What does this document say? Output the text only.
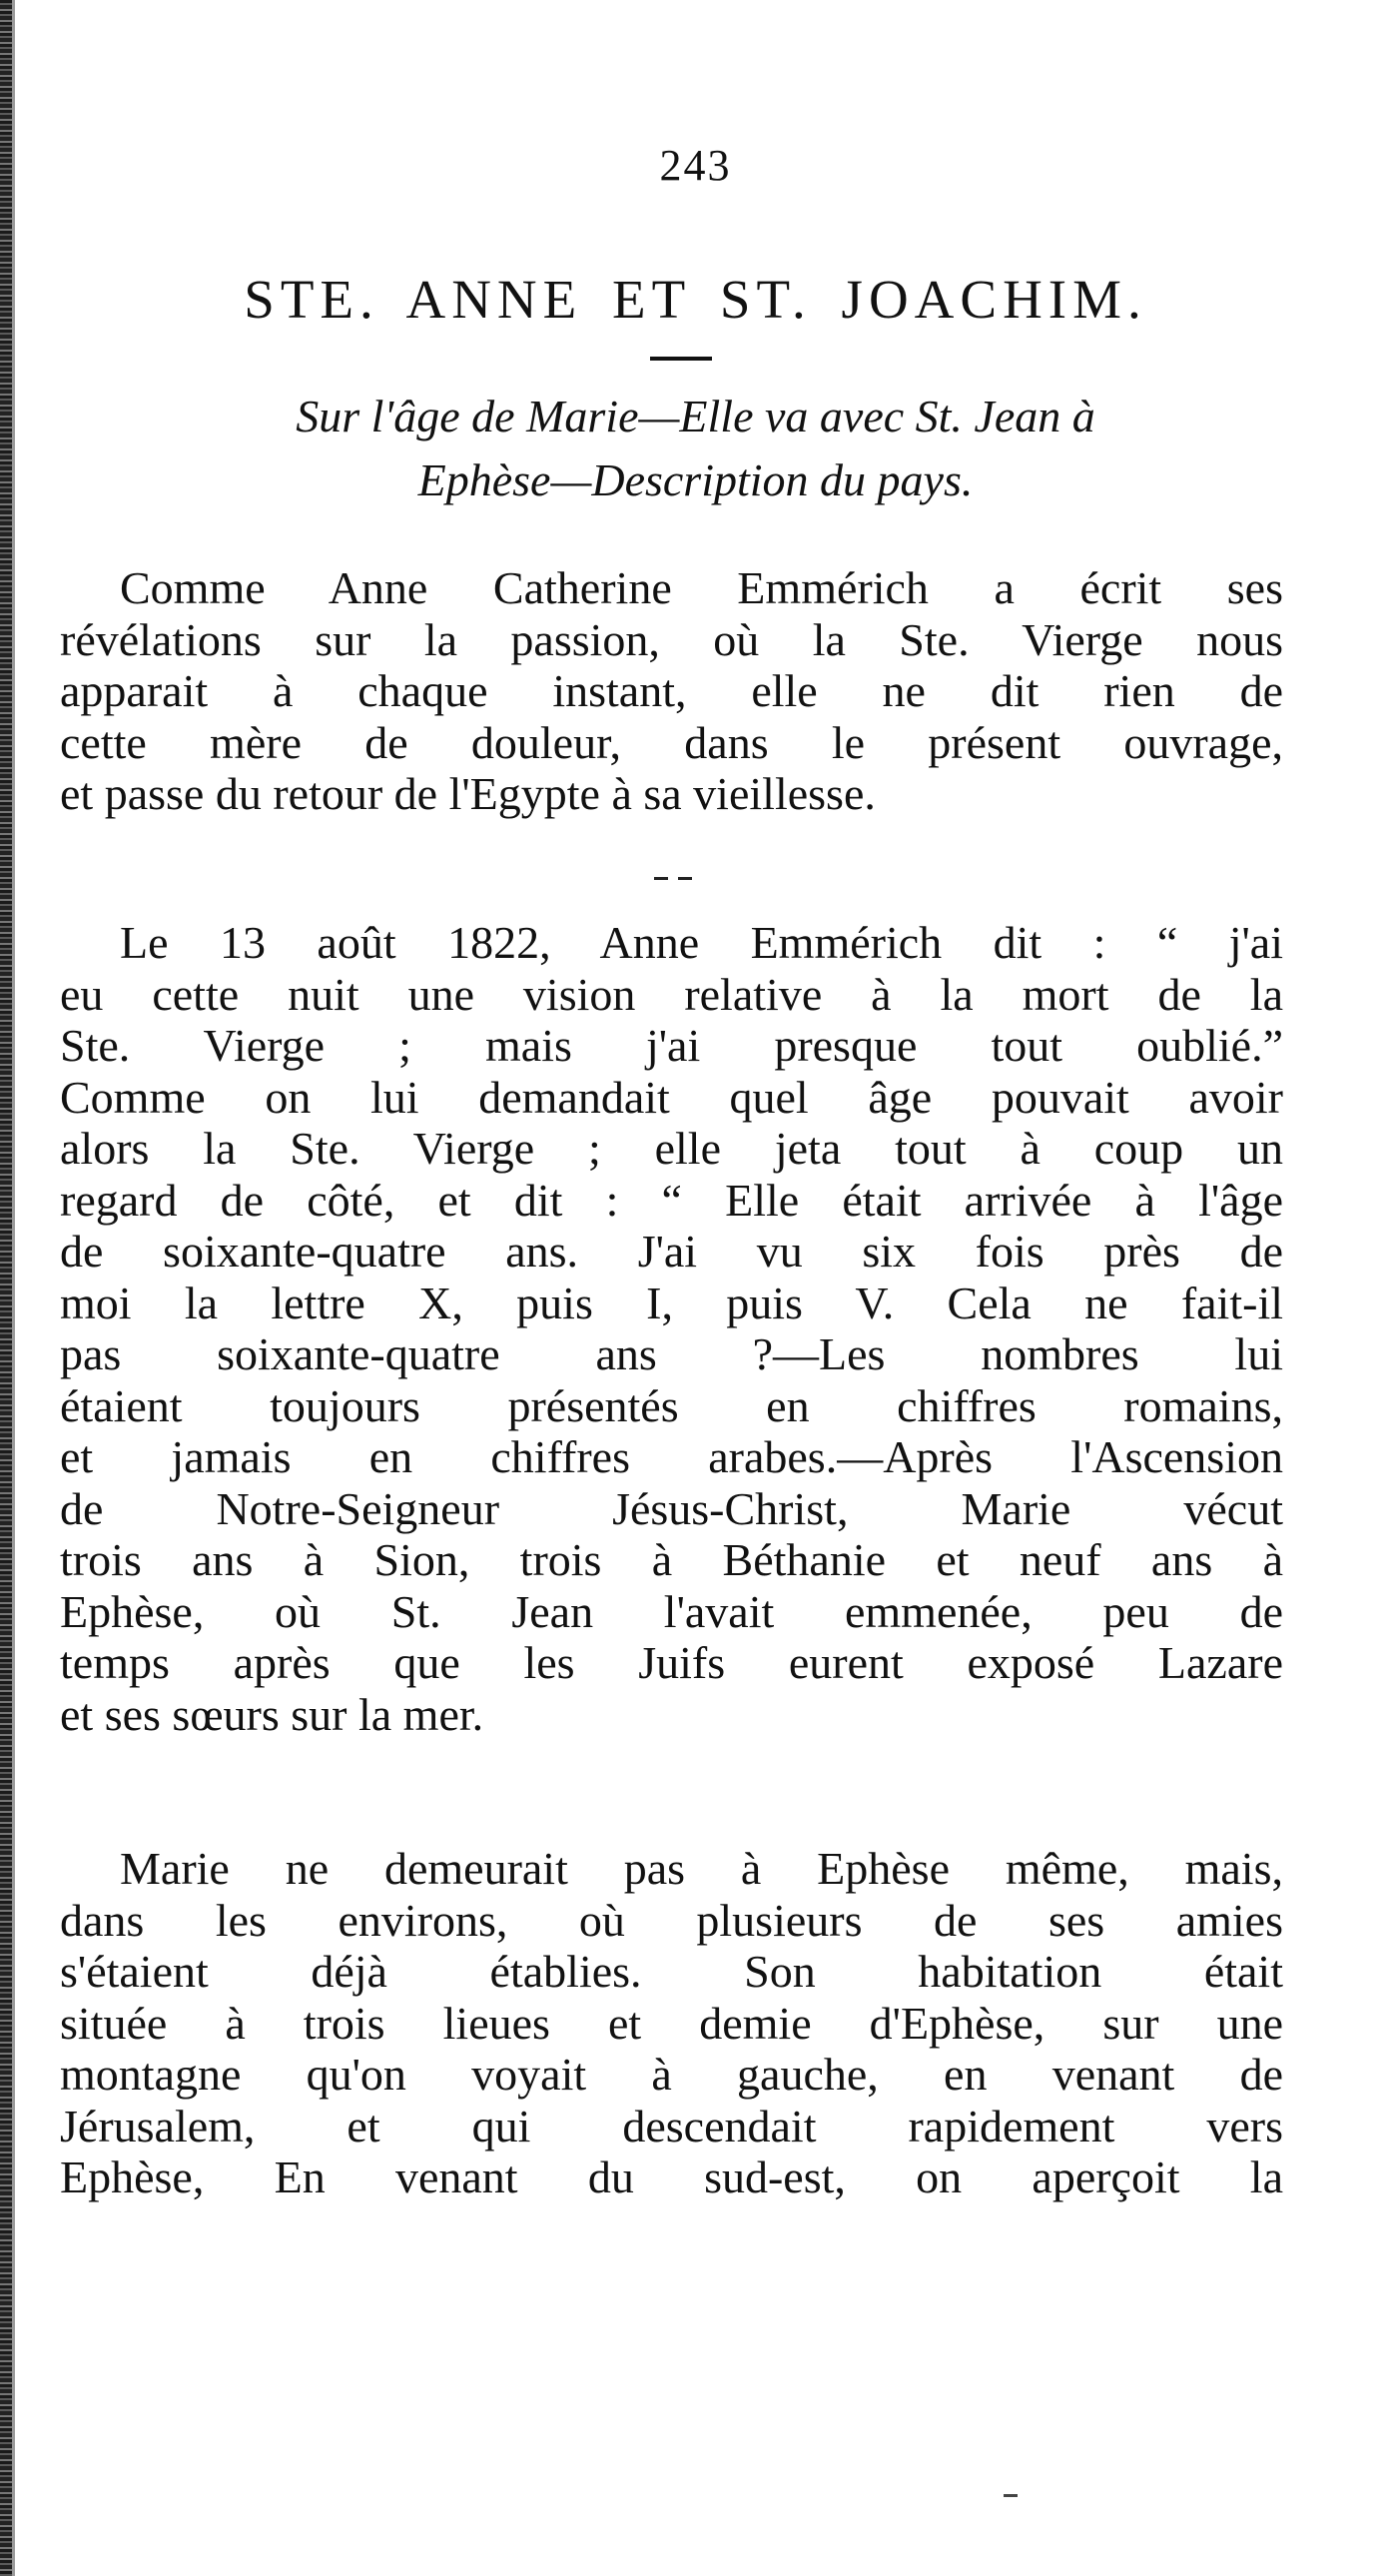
243
STE. ANNE ET ST. JOACHIM.
Sur l'âge de Marie—Elle va avec St. Jean à
Ephèse—Description du pays.
Comme Anne Catherine Emmérich a écrit ses
révélations sur la passion, où la Ste. Vierge nous
apparait à chaque instant, elle ne dit rien de
cette mère de douleur, dans le présent ouvrage,
et passe du retour de l'Egypte à sa vieillesse.
Le 13 août 1822, Anne Emmérich dit : “ j'ai
eu cette nuit une vision relative à la mort de la
Ste. Vierge ; mais j'ai presque tout oublié.”
Comme on lui demandait quel âge pouvait avoir
alors la Ste. Vierge ; elle jeta tout à coup un
regard de côté, et dit : “ Elle était arrivée à l'âge
de soixante-quatre ans. J'ai vu six fois près de
moi la lettre X, puis I, puis V. Cela ne fait-il
pas soixante-quatre ans ?—Les nombres lui
étaient toujours présentés en chiffres romains,
et jamais en chiffres arabes.—Après l'Ascension
de Notre-Seigneur Jésus-Christ, Marie vécut
trois ans à Sion, trois à Béthanie et neuf ans à
Ephèse, où St. Jean l'avait emmenée, peu de
temps après que les Juifs eurent exposé Lazare
et ses sœurs sur la mer.
Marie ne demeurait pas à Ephèse même, mais,
dans les environs, où plusieurs de ses amies
s'étaient déjà établies. Son habitation était
située à trois lieues et demie d'Ephèse, sur une
montagne qu'on voyait à gauche, en venant de
Jérusalem, et qui descendait rapidement vers
Ephèse, En venant du sud-est, on aperçoit la
